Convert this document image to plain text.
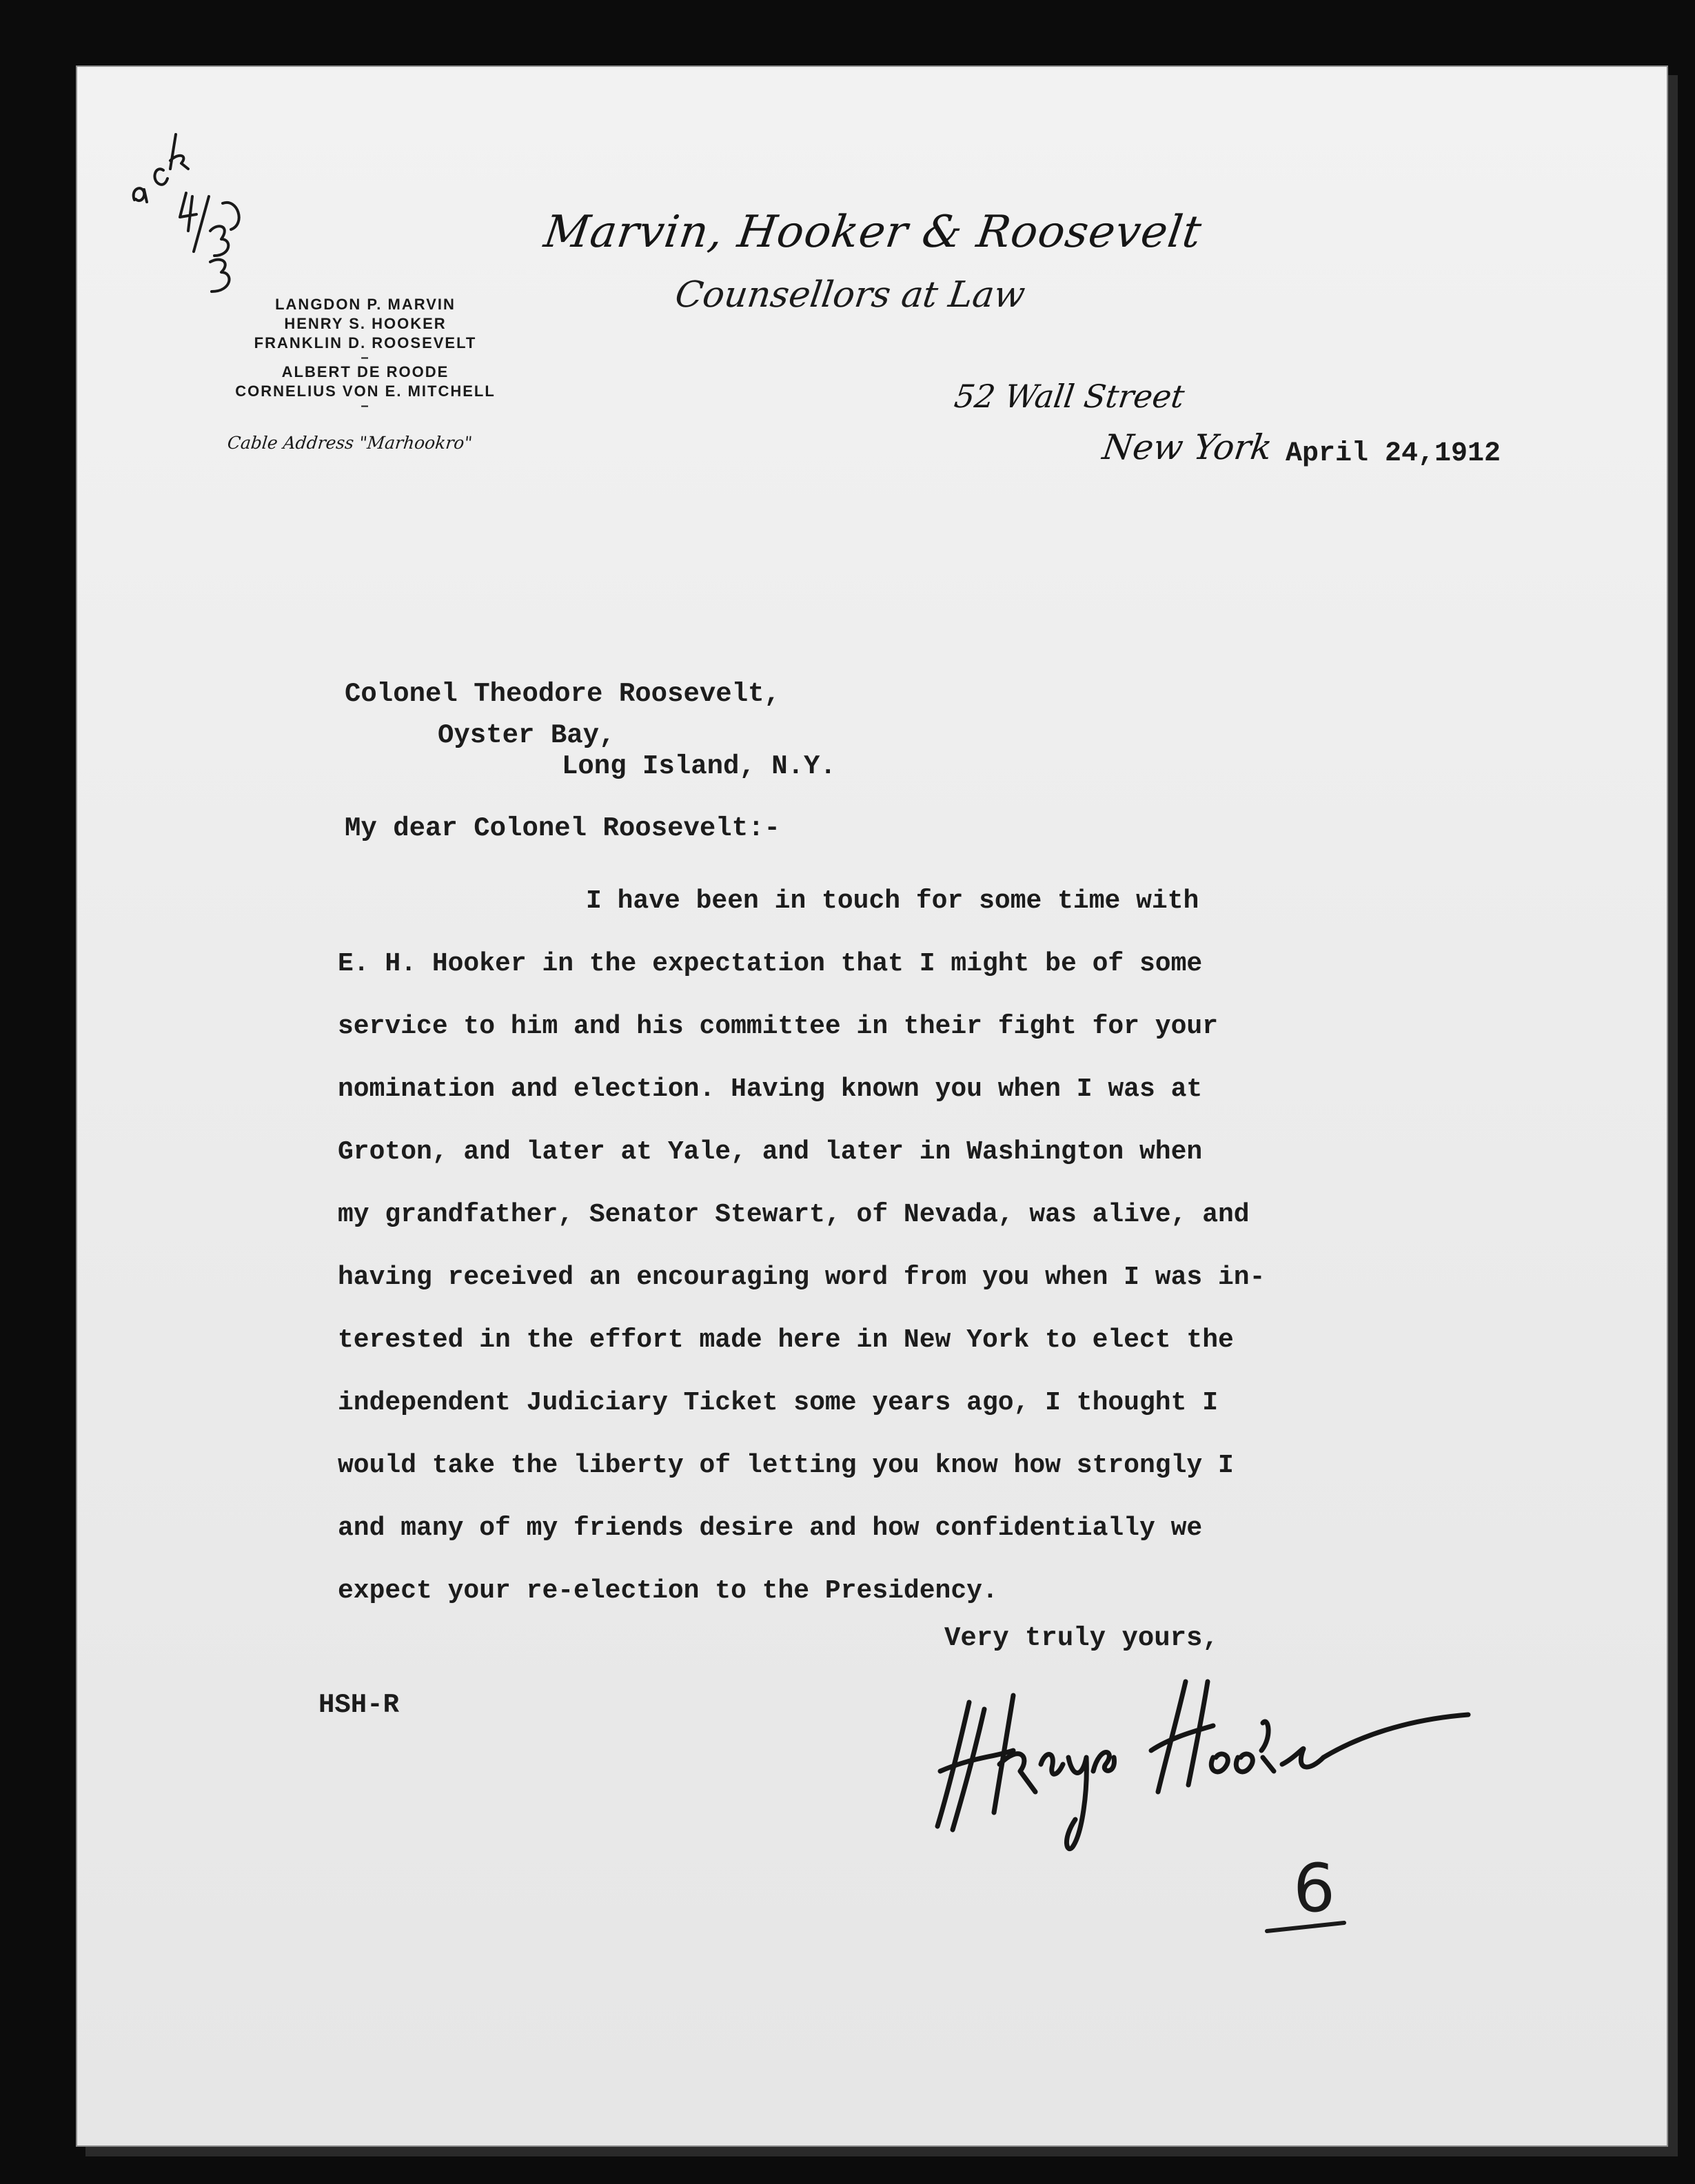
Marvin, Hooker & Roosevelt
Counsellors at Law
LANGDON P. MARVIN
HENRY S. HOOKER
FRANKLIN D. ROOSEVELT
–
ALBERT DE ROODE
CORNELIUS VON E. MITCHELL
–
Cable Address "Marhookro"
52 Wall Street
New York April 24,1912
Colonel Theodore Roosevelt,
Oyster Bay,
Long Island, N.Y.
My dear Colonel Roosevelt:-
I have been in touch for some time with
E. H. Hooker in the expectation that I might be of some
service to him and his committee in their fight for your
nomination and election. Having known you when I was at
Groton, and later at Yale, and later in Washington when
my grandfather, Senator Stewart, of Nevada, was alive, and
having received an encouraging word from you when I was in-
terested in the effort made here in New York to elect the
independent Judiciary Ticket some years ago, I thought I
would take the liberty of letting you know how strongly I
and many of my friends desire and how confidentially we
expect your re-election to the Presidency.
Very truly yours,
HSH-R
6
